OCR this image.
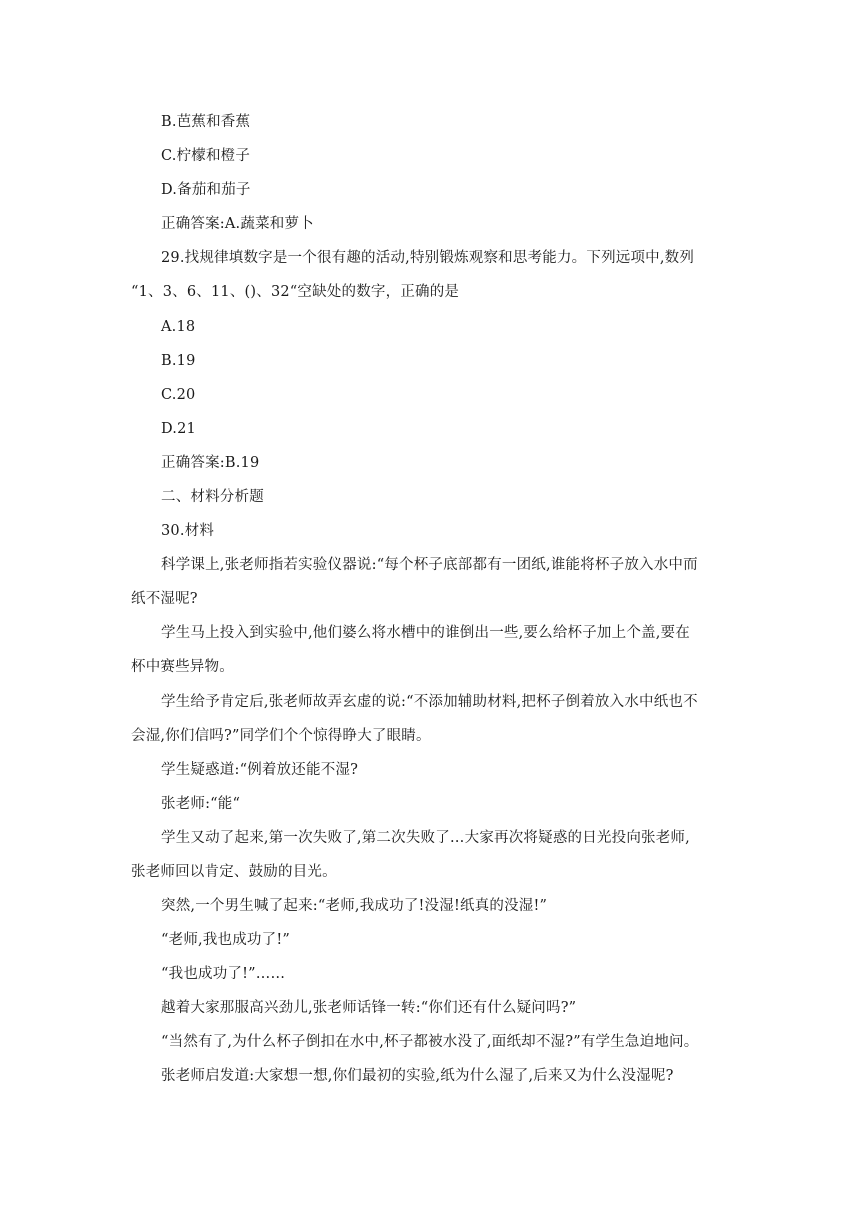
B.芭蕉和香蕉
C.柠檬和橙子
D.备茄和茄子
正确答案:A.蔬菜和萝卜
29.找规律填数字是一个很有趣的活动,特别锻炼观察和思考能力。下列远项中,数列
“1、3、6、11、()、32“空缺处的数字，正确的是
A.18
B.19
C.20
D.21
正确答案:B.19
二、材料分析题
30.材料
科学课上,张老师指若实验仪器说:“每个杯子底部都有一团纸,谁能将杯子放入水中而
纸不湿呢?
学生马上投入到实验中,他们婆么将水槽中的谁倒出一些,要么给杯子加上个盖,要在
杯中赛些异物。
学生给予肯定后,张老师故弄玄虚的说:“不添加辅助材料,把杯子倒着放入水中纸也不
会湿,你们信吗?”同学们个个惊得睁大了眼睛。
学生疑惑道:“例着放还能不湿?
张老师:“能“
学生又动了起来,第一次失败了,第二次失败了…大家再次将疑惑的日光投向张老师,
张老师回以肯定、鼓励的目光。
突然,一个男生喊了起来:“老师,我成功了!没湿!纸真的没湿!”
“老师,我也成功了!”
“我也成功了!”……
越着大家那服高兴劲儿,张老师话锋一转:“你们还有什么疑问吗?”
“当然有了,为什么杯子倒扣在水中,杯子都被水没了,面纸却不湿?”有学生急迫地问。
张老师启发道:大家想一想,你们最初的实验,纸为什么湿了,后来又为什么没湿呢?
